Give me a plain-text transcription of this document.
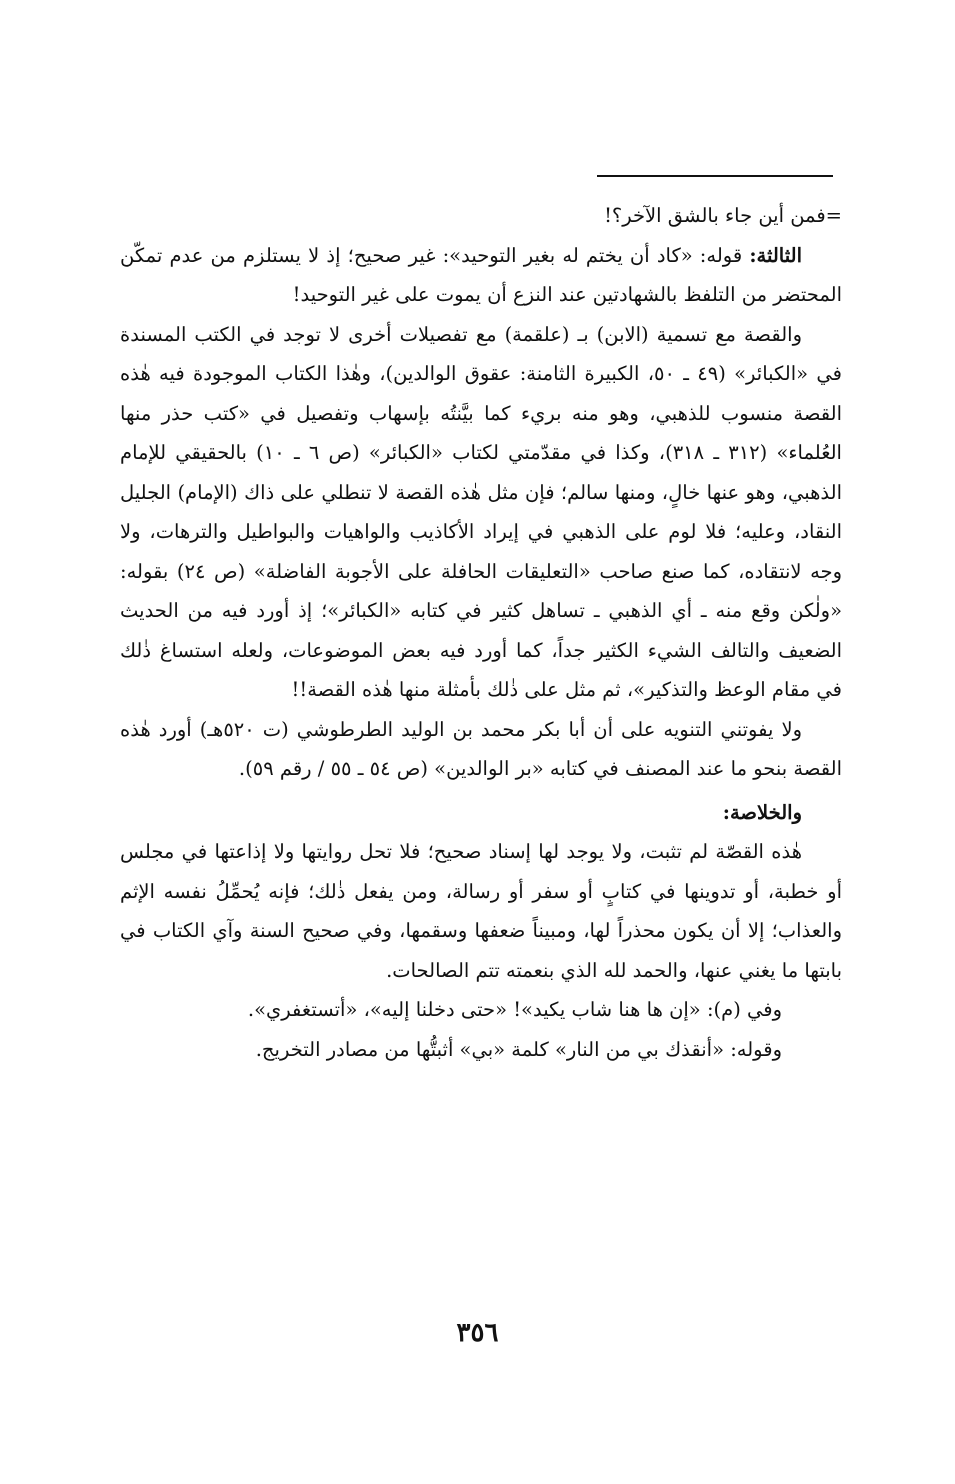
=فمن أين جاء بالشق الآخر؟!

الثالثة: قوله: «كاد أن يختم له بغير التوحيد»: غير صحيح؛ إذ لا يستلزم من عدم تمكّن المحتضر من التلفظ بالشهادتين عند النزع أن يموت على غير التوحيد!

والقصة مع تسمية (الابن) بـ (علقمة) مع تفصيلات أخرى لا توجد في الكتب المسندة في «الكبائر» (٤٩ ـ ٥٠، الكبيرة الثامنة: عقوق الوالدين)، وهٰذا الكتاب الموجودة فيه هٰذه القصة منسوب للذهبي، وهو منه بريء كما بيَّنتُه بإسهاب وتفصيل في «كتب حذر منها العُلماء» (٣١٢ ـ ٣١٨)، وكذا في مقدّمتي لكتاب «الكبائر» (ص ٦ ـ ١٠) بالحقيقي للإمام الذهبي، وهو عنها خالٍ، ومنها سالم؛ فإن مثل هٰذه القصة لا تنطلي على ذاك (الإمام) الجليل النقاد، وعليه؛ فلا لوم على الذهبي في إيراد الأكاذيب والواهيات والبواطيل والترهات، ولا وجه لانتقاده، كما صنع صاحب «التعليقات الحافلة على الأجوبة الفاضلة» (ص ٢٤) بقوله: «ولٰكن وقع منه ـ أي الذهبي ـ تساهل كثير في كتابه «الكبائر»؛ إذ أورد فيه من الحديث الضعيف والتالف الشيء الكثير جداً، كما أورد فيه بعض الموضوعات، ولعله استساغ ذٰلك في مقام الوعظ والتذكير»، ثم مثل على ذٰلك بأمثلة منها هٰذه القصة!!

ولا يفوتني التنويه على أن أبا بكر محمد بن الوليد الطرطوشي (ت ٥٢٠هـ) أورد هٰذه القصة بنحو ما عند المصنف في كتابه «بر الوالدين» (ص ٥٤ ـ ٥٥ / رقم ٥٩).

والخلاصة:

هٰذه القصّة لم تثبت، ولا يوجد لها إسناد صحيح؛ فلا تحل روايتها ولا إذاعتها في مجلس أو خطبة، أو تدوينها في كتابٍ أو سفر أو رسالة، ومن يفعل ذٰلك؛ فإنه يُحمِّلُ نفسه الإثم والعذاب؛ إلا أن يكون محذراً لها، ومبيناً ضعفها وسقمها، وفي صحيح السنة وآي الكتاب في بابتها ما يغني عنها، والحمد لله الذي بنعمته تتم الصالحات.

وفي (م): «إن ها هنا شاب يكيد»! «حتى دخلنا إليه»، «أتستغفري».

وقوله: «أنقذك بي من النار» كلمة «بي» أثبتُّها من مصادر التخريج.

٣٥٦
